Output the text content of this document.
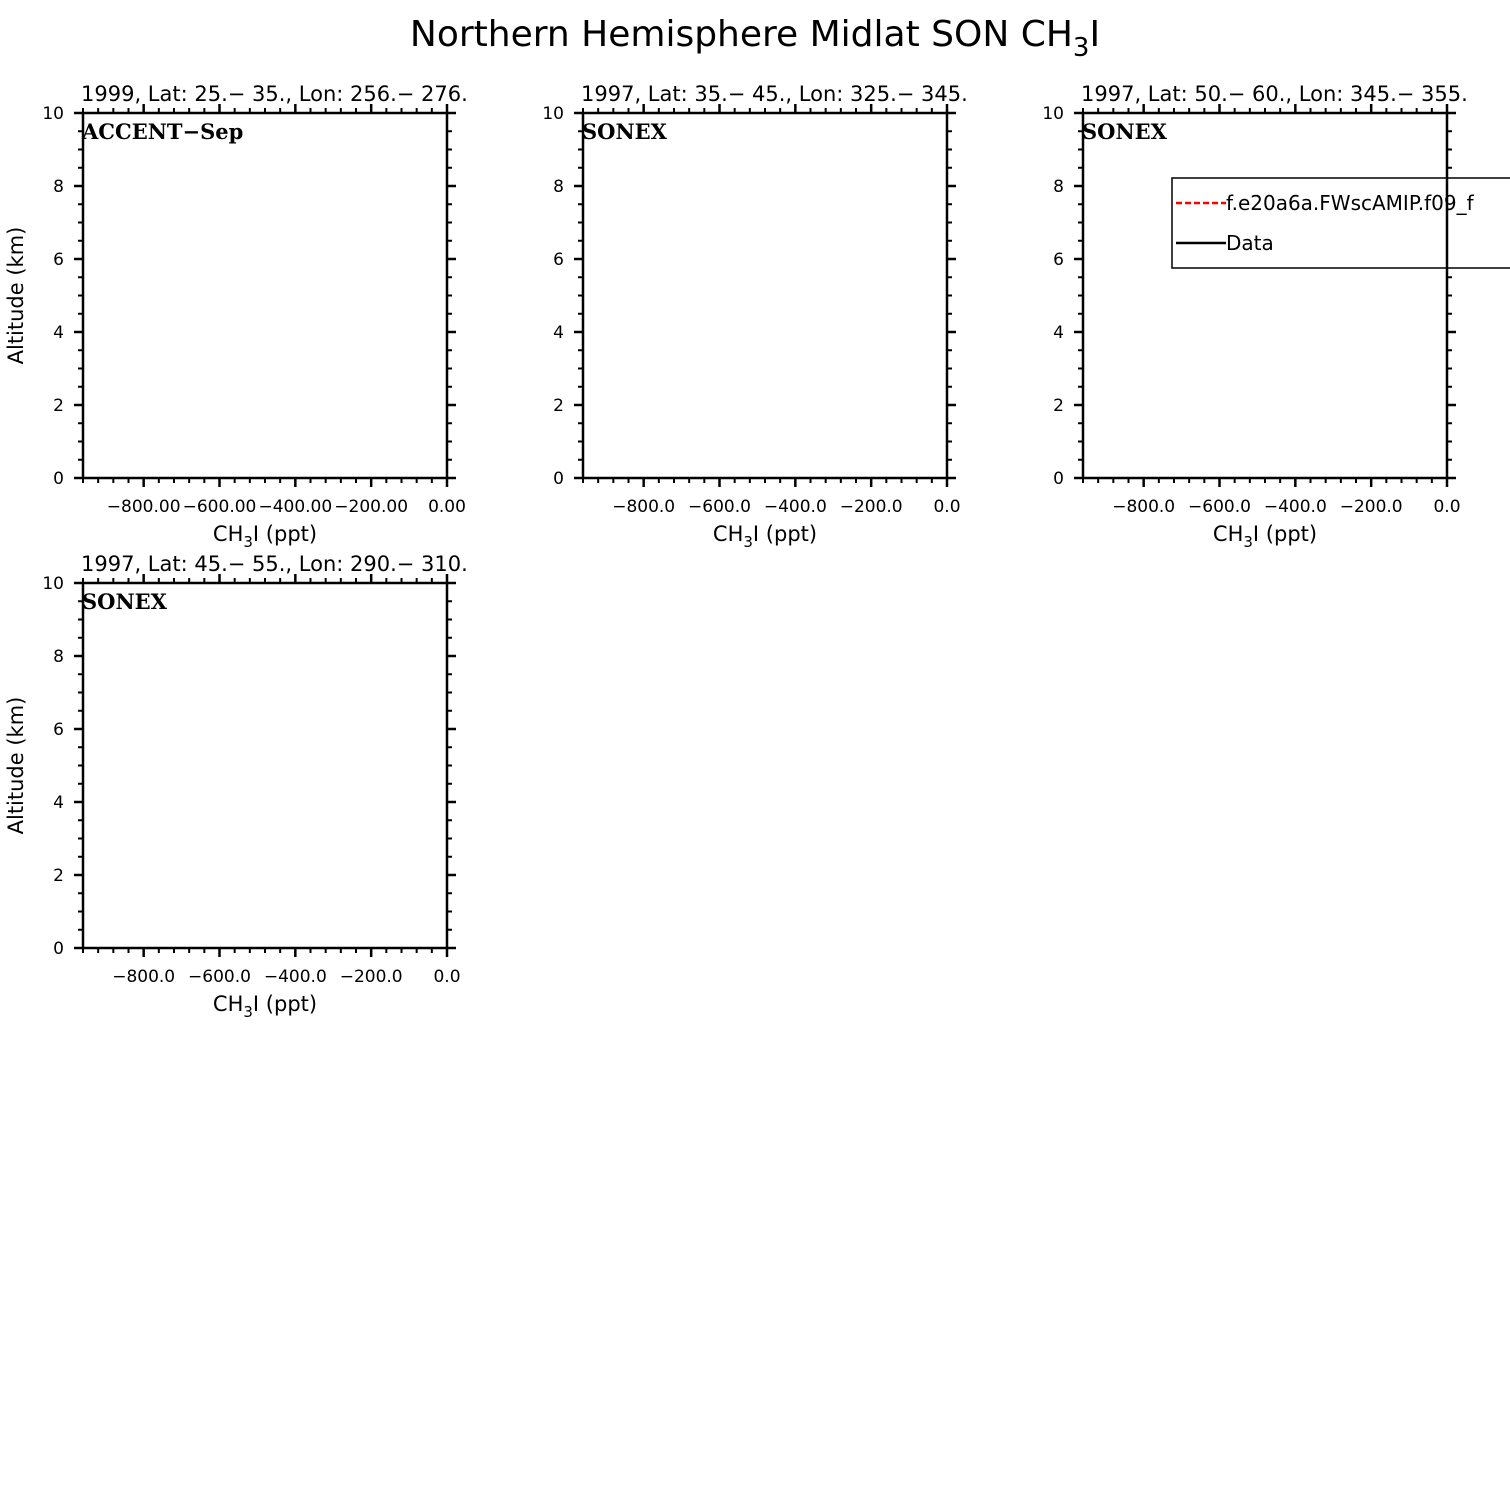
Northern Hemisphere Midlat SON $CH_3I$
1999, Lat: 25.− 35., Lon: 256.− 276.
ACCENT−Sep
0
2
4
6
8
10
−800.00 −600.00 −400.00 −200.00 0.00
$CH_3I$ (ppt)
Altitude (km)
1997, Lat: 35.− 45., Lon: 325.− 345.
SONEX
0
2
4
6
8
10
−800.0 −600.0 −400.0 −200.0 0.0
$CH_3I$ (ppt)
1997, Lat: 50.− 60., Lon: 345.− 355.
SONEX
0
2
4
6
8
10
−800.0 −600.0 −400.0 −200.0 0.0
$CH_3I$ (ppt)
f.e20a6a.FWscAMIP.f09_f
Data
1997, Lat: 45.− 55., Lon: 290.− 310.
SONEX
0
2
4
6
8
10
−800.0 −600.0 −400.0 −200.0 0.0
$CH_3I$ (ppt)
Altitude (km)
